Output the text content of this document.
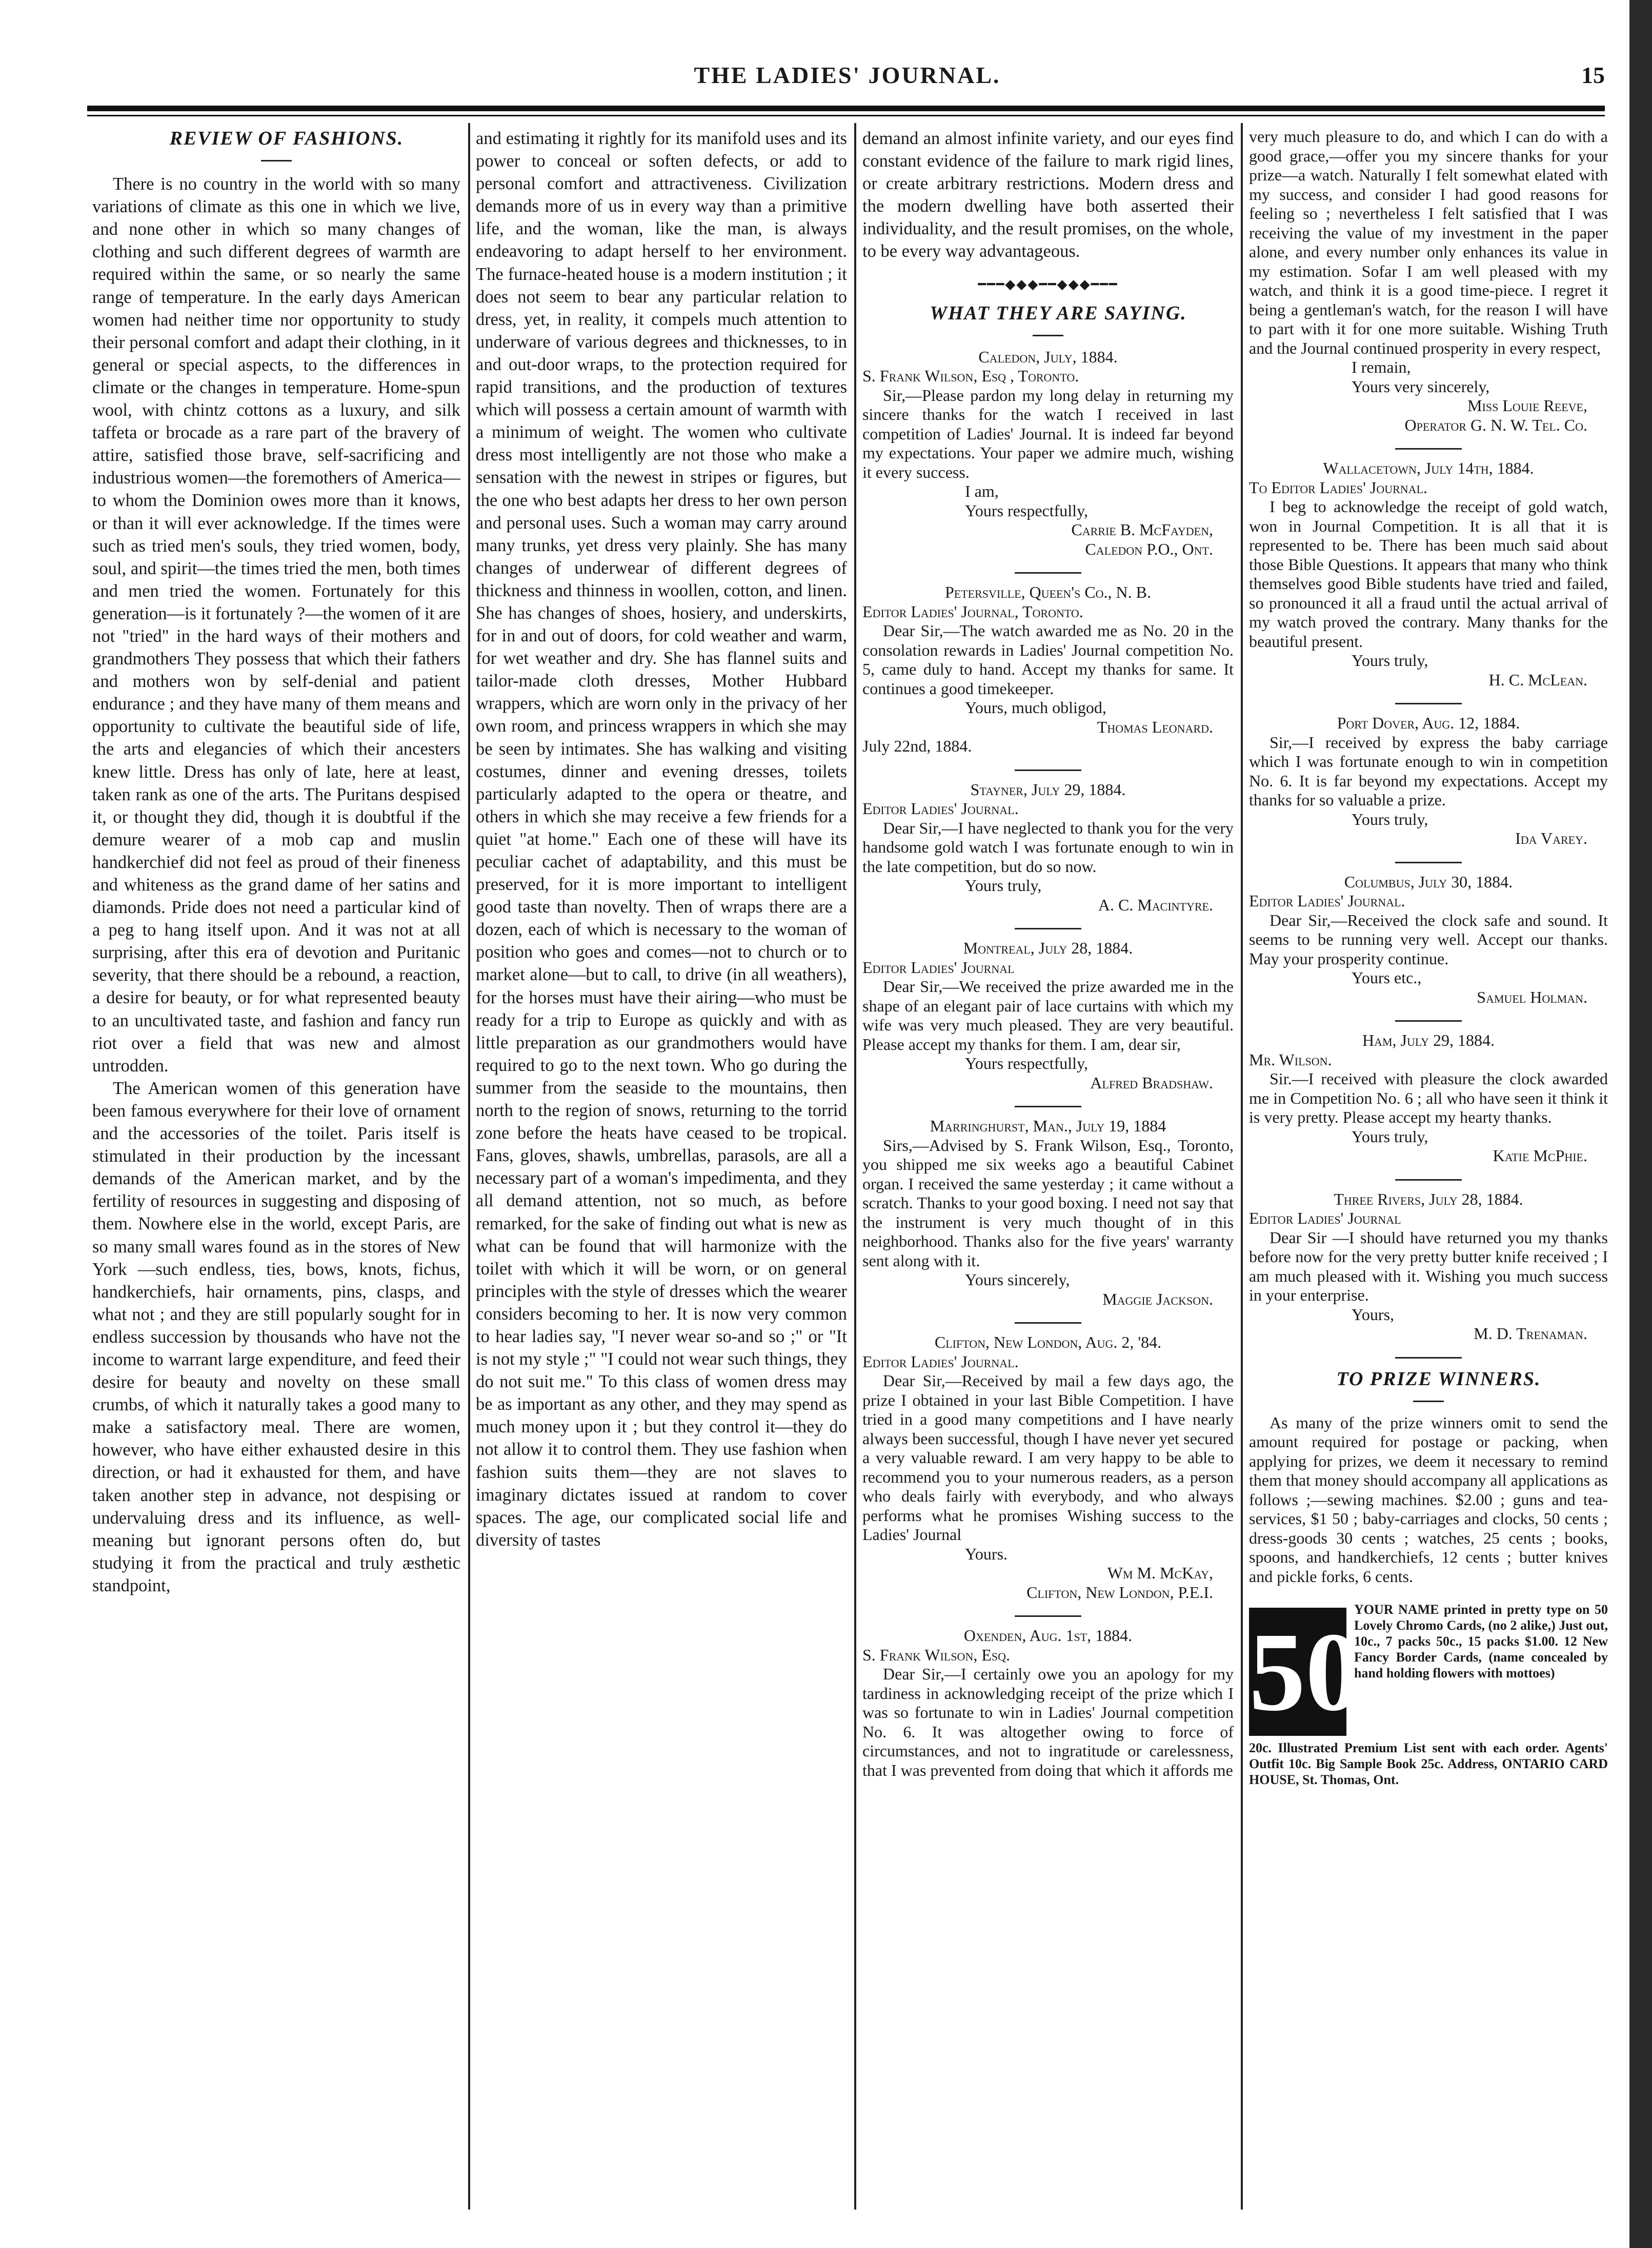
THE LADIES' JOURNAL.	15

REVIEW OF FASHIONS.

There is no country in the world with so many variations of climate as this one in which we live, and none other in which so many changes of clothing and such different degrees of warmth are required within the same, or so nearly the same range of temperature. In the early days American women had neither time nor opportunity to study their personal comfort and adapt their clothing, in it general or special aspects, to the differences in climate or the changes in temperature. Home-spun wool, with chintz cottons as a luxury, and silk taffeta or brocade as a rare part of the bravery of attire, satisfied those brave, self-sacrificing and industrious women—the foremothers of America—to whom the Dominion owes more than it knows, or than it will ever acknowledge. If the times were such as tried men's souls, they tried women, body, soul, and spirit—the times tried the men, both times and men tried the women. Fortunately for this generation—is it fortunately ?—the women of it are not "tried" in the hard ways of their mothers and grandmothers They possess that which their fathers and mothers won by self-denial and patient endurance ; and they have many of them means and opportunity to cultivate the beautiful side of life, the arts and elegancies of which their ancesters knew little. Dress has only of late, here at least, taken rank as one of the arts. The Puritans despised it, or thought they did, though it is doubtful if the demure wearer of a mob cap and muslin handkerchief did not feel as proud of their fineness and whiteness as the grand dame of her satins and diamonds. Pride does not need a particular kind of a peg to hang itself upon. And it was not at all surprising, after this era of devotion and Puritanic severity, that there should be a rebound, a reaction, a desire for beauty, or for what represented beauty to an uncultivated taste, and fashion and fancy run riot over a field that was new and almost untrodden.

The American women of this generation have been famous everywhere for their love of ornament and the accessories of the toilet. Paris itself is stimulated in their production by the incessant demands of the American market, and by the fertility of resources in suggesting and disposing of them. Nowhere else in the world, except Paris, are so many small wares found as in the stores of New York —such endless, ties, bows, knots, fichus, handkerchiefs, hair ornaments, pins, clasps, and what not ; and they are still popularly sought for in endless succession by thousands who have not the income to warrant large expenditure, and feed their desire for beauty and novelty on these small crumbs, of which it naturally takes a good many to make a satisfactory meal. There are women, however, who have either exhausted desire in this direction, or had it exhausted for them, and have taken another step in advance, not despising or undervaluing dress and its influence, as well-meaning but ignorant persons often do, but studying it from the practical and truly æsthetic standpoint,

and estimating it rightly for its manifold uses and its power to conceal or soften defects, or add to personal comfort and attractiveness. Civilization demands more of us in every way than a primitive life, and the woman, like the man, is always endeavoring to adapt herself to her environment. The furnace-heated house is a modern institution ; it does not seem to bear any particular relation to dress, yet, in reality, it compels much attention to underware of various degrees and thicknesses, to in and out-door wraps, to the protection required for rapid transitions, and the production of textures which will possess a certain amount of warmth with a minimum of weight. The women who cultivate dress most intelligently are not those who make a sensation with the newest in stripes or figures, but the one who best adapts her dress to her own person and personal uses. Such a woman may carry around many trunks, yet dress very plainly. She has many changes of underwear of different degrees of thickness and thinness in woollen, cotton, and linen. She has changes of shoes, hosiery, and underskirts, for in and out of doors, for cold weather and warm, for wet weather and dry. She has flannel suits and tailor-made cloth dresses, Mother Hubbard wrappers, which are worn only in the privacy of her own room, and princess wrappers in which she may be seen by intimates. She has walking and visiting costumes, dinner and evening dresses, toilets particularly adapted to the opera or theatre, and others in which she may receive a few friends for a quiet "at home." Each one of these will have its peculiar cachet of adaptability, and this must be preserved, for it is more important to intelligent good taste than novelty. Then of wraps there are a dozen, each of which is necessary to the woman of position who goes and comes—not to church or to market alone—but to call, to drive (in all weathers), for the horses must have their airing—who must be ready for a trip to Europe as quickly and with as little preparation as our grandmothers would have required to go to the next town. Who go during the summer from the seaside to the mountains, then north to the region of snows, returning to the torrid zone before the heats have ceased to be tropical. Fans, gloves, shawls, umbrellas, parasols, are all a necessary part of a woman's impedimenta, and they all demand attention, not so much, as before remarked, for the sake of finding out what is new as what can be found that will harmonize with the toilet with which it will be worn, or on general principles with the style of dresses which the wearer considers becoming to her. It is now very common to hear ladies say, "I never wear so-and so ;" or "It is not my style ;" "I could not wear such things, they do not suit me." To this class of women dress may be as important as any other, and they may spend as much money upon it ; but they control it—they do not allow it to control them. They use fashion when fashion suits them—they are not slaves to imaginary dictates issued at random to cover spaces. The age, our complicated social life and diversity of tastes

demand an almost infinite variety, and our eyes find constant evidence of the failure to mark rigid lines, or create arbitrary restrictions. Modern dress and the modern dwelling have both asserted their individuality, and the result promises, on the whole, to be every way advantageous.

━━━◆◆◆━━◆◆◆━━━

WHAT THEY ARE SAYING.

Caledon, July, 1884.
S. Frank Wilson, Esq , Toronto.
Sir,—Please pardon my long delay in returning my sincere thanks for the watch I received in last competition of Ladies' Journal. It is indeed far beyond my expectations. Your paper we admire much, wishing it every success.
I am,
Yours respectfully,
Carrie B. McFayden,
Caledon P.O., Ont.
Petersville, Queen's Co., N. B.
Editor Ladies' Journal, Toronto.
Dear Sir,—The watch awarded me as No. 20 in the consolation rewards in Ladies' Journal competition No. 5, came duly to hand. Accept my thanks for same. It continues a good timekeeper.
Yours, much obligod,
Thomas Leonard.
July 22nd, 1884.
Stayner, July 29, 1884.
Editor Ladies' Journal.
Dear Sir,—I have neglected to thank you for the very handsome gold watch I was fortunate enough to win in the late competition, but do so now.
Yours truly,
A. C. Macintyre.
Montreal, July 28, 1884.
Editor Ladies' Journal
Dear Sir,—We received the prize awarded me in the shape of an elegant pair of lace curtains with which my wife was very much pleased. They are very beautiful. Please accept my thanks for them. I am, dear sir,
Yours respectfully,
Alfred Bradshaw.
Marringhurst, Man., July 19, 1884
Sirs,—Advised by S. Frank Wilson, Esq., Toronto, you shipped me six weeks ago a beautiful Cabinet organ. I received the same yesterday ; it came without a scratch. Thanks to your good boxing. I need not say that the instrument is very much thought of in this neighborhood. Thanks also for the five years' warranty sent along with it.
Yours sincerely,
Maggie Jackson.
Clifton, New London, Aug. 2, '84.
Editor Ladies' Journal.
Dear Sir,—Received by mail a few days ago, the prize I obtained in your last Bible Competition. I have tried in a good many competitions and I have nearly always been successful, though I have never yet secured a very valuable reward. I am very happy to be able to recommend you to your numerous readers, as a person who deals fairly with everybody, and who always performs what he promises Wishing success to the Ladies' Journal
Yours.
Wm M. McKay,
Clifton, New London, P.E.I.
Oxenden, Aug. 1st, 1884.
S. Frank Wilson, Esq.
Dear Sir,—I certainly owe you an apology for my tardiness in acknowledging receipt of the prize which I was so fortunate to win in Ladies' Journal competition No. 6. It was altogether owing to force of circumstances, and not to ingratitude or carelessness, that I was prevented from doing that which it affords me
very much pleasure to do, and which I can do with a good grace,—offer you my sincere thanks for your prize—a watch. Naturally I felt somewhat elated with my success, and consider I had good reasons for feeling so ; nevertheless I felt satisfied that I was receiving the value of my investment in the paper alone, and every number only enhances its value in my estimation. Sofar I am well pleased with my watch, and think it is a good time-piece. I regret it being a gentleman's watch, for the reason I will have to part with it for one more suitable. Wishing Truth and the Journal continued prosperity in every respect,
I remain,
Yours very sincerely,
Miss Louie Reeve,
Operator G. N. W. Tel. Co.
Wallacetown, July 14th, 1884.
To Editor Ladies' Journal.
I beg to acknowledge the receipt of gold watch, won in Journal Competition. It is all that it is represented to be. There has been much said about those Bible Questions. It appears that many who think themselves good Bible students have tried and failed, so pronounced it all a fraud until the actual arrival of my watch proved the contrary. Many thanks for the beautiful present.
Yours truly,
H. C. McLean.
Port Dover, Aug. 12, 1884.
Sir,—I received by express the baby carriage which I was fortunate enough to win in competition No. 6. It is far beyond my expectations. Accept my thanks for so valuable a prize.
Yours truly,
Ida Varey.
Columbus, July 30, 1884.
Editor Ladies' Journal.
Dear Sir,—Received the clock safe and sound. It seems to be running very well. Accept our thanks. May your prosperity continue.
Yours etc.,
Samuel Holman.
Ham, July 29, 1884.
Mr. Wilson.
Sir.—I received with pleasure the clock awarded me in Competition No. 6 ; all who have seen it think it is very pretty. Please accept my hearty thanks.
Yours truly,
Katie McPhie.
Three Rivers, July 28, 1884.
Editor Ladies' Journal
Dear Sir —I should have returned you my thanks before now for the very pretty butter knife received ; I am much pleased with it. Wishing you much success in your enterprise.
Yours,
M. D. Trenaman.

TO PRIZE WINNERS.

As many of the prize winners omit to send the amount required for postage or packing, when applying for prizes, we deem it necessary to remind them that money should accompany all applications as follows ;—sewing machines. $2.00 ; guns and tea-services, $1 50 ; baby-carriages and clocks, 50 cents ; dress-goods 30 cents ; watches, 25 cents ; books, spoons, and handkerchiefs, 12 cents ; butter knives and pickle forks, 6 cents.
50
YOUR NAME printed in pretty type on 50 Lovely Chromo Cards, (no 2 alike,) Just out, 10c., 7 packs 50c., 15 packs $1.00. 12 New Fancy Border Cards, (name concealed by hand holding flowers with mottoes)
20c. Illustrated Premium List sent with each order. Agents' Outfit 10c. Big Sample Book 25c. Address, ONTARIO CARD HOUSE, St. Thomas, Ont.
